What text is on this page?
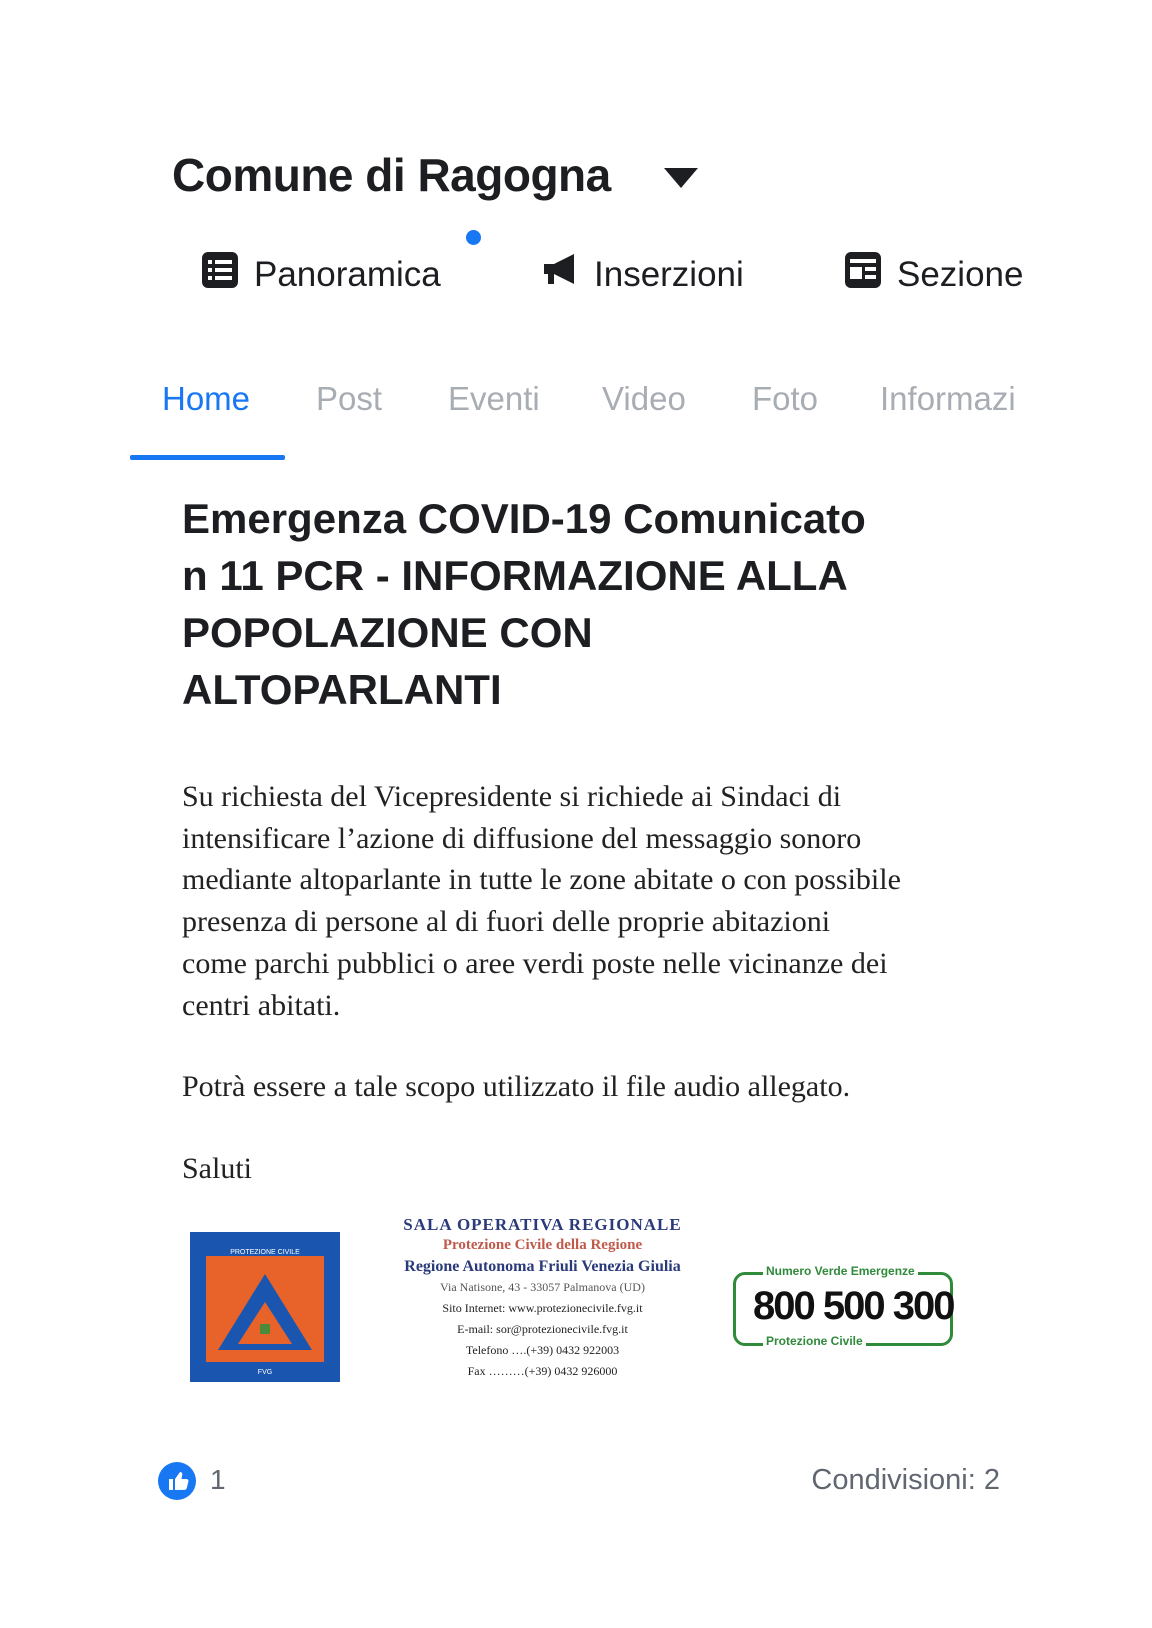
Comune di Ragogna
Panoramica	Inserzioni	Sezione
Home Post Eventi Video Foto Informazi
Emergenza COVID-19 Comunicato
n 11 PCR - INFORMAZIONE ALLA
POPOLAZIONE CON
ALTOPARLANTI
Su richiesta del Vicepresidente si richiede ai Sindaci di
intensificare l’azione di diffusione del messaggio sonoro
mediante altoparlante in tutte le zone abitate o con possibile
presenza di persone al di fuori delle proprie abitazioni
come parchi pubblici o aree verdi poste nelle vicinanze dei
centri abitati.
Potrà essere a tale scopo utilizzato il file audio allegato.
Saluti
PROTEZIONE CIVILE
FVG
SALA OPERATIVA REGIONALE
Protezione Civile della Regione
Regione Autonoma Friuli Venezia Giulia
Via Natisone, 43 - 33057 Palmanova (UD)
Sito Internet: www.protezionecivile.fvg.it
E-mail: sor@protezionecivile.fvg.it
Telefono ….(+39) 0432 922003
Fax ………(+39) 0432 926000
Numero Verde Emergenze
800 500 300
Protezione Civile
1	Condivisioni: 2
